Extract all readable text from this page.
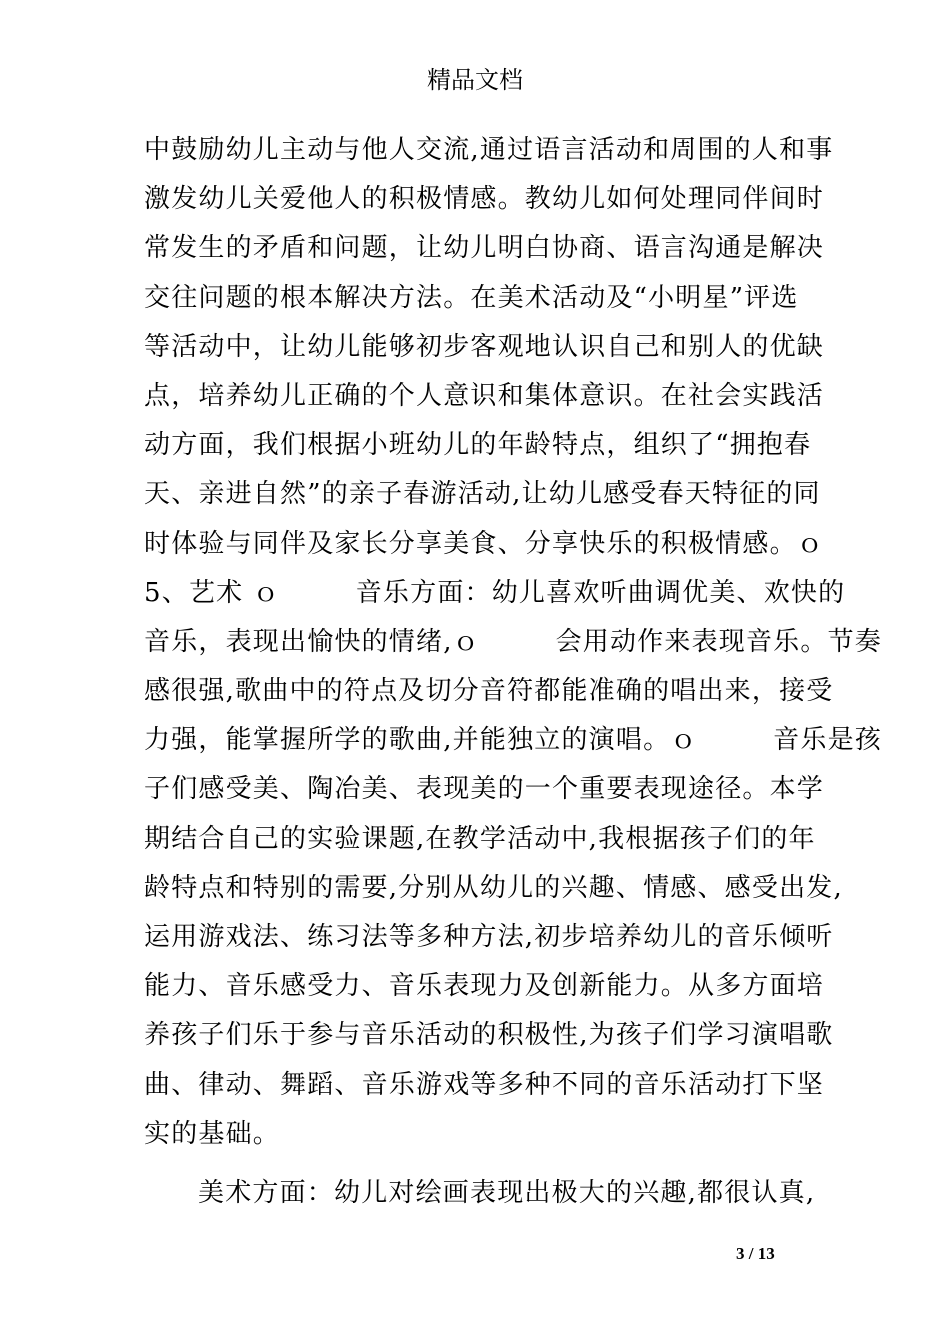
精品文档
中鼓励幼儿主动与他人交流,通过语言活动和周围的人和事
激发幼儿关爱他人的积极情感。教幼儿如何处理同伴间时
常发生的矛盾和问题，让幼儿明白协商、语言沟通是解决
交往问题的根本解决方法。在美术活动及“小明星”评选
等活动中，让幼儿能够初步客观地认识自己和别人的优缺
点，培养幼儿正确的个人意识和集体意识。在社会实践活
动方面，我们根据小班幼儿的年龄特点，组织了“拥抱春
天、亲进自然”的亲子春游活动,让幼儿感受春天特征的同
时体验与同伴及家长分享美食、分享快乐的积极情感。ｏ
5、艺术 ｏ        音乐方面：幼儿喜欢听曲调优美、欢快的
音乐，表现出愉快的情绪,ｏ        会用动作来表现音乐。节奏
感很强,歌曲中的符点及切分音符都能准确的唱出来，接受
力强，能掌握所学的歌曲,并能独立的演唱。ｏ        音乐是孩
子们感受美、陶冶美、表现美的一个重要表现途径。本学
期结合自己的实验课题,在教学活动中,我根据孩子们的年
龄特点和特别的需要,分别从幼儿的兴趣、情感、感受出发,
运用游戏法、练习法等多种方法,初步培养幼儿的音乐倾听
能力、音乐感受力、音乐表现力及创新能力。从多方面培
养孩子们乐于参与音乐活动的积极性,为孩子们学习演唱歌
曲、律动、舞蹈、音乐游戏等多种不同的音乐活动打下坚
实的基础。
美术方面：幼儿对绘画表现出极大的兴趣,都很认真,
3 / 13
